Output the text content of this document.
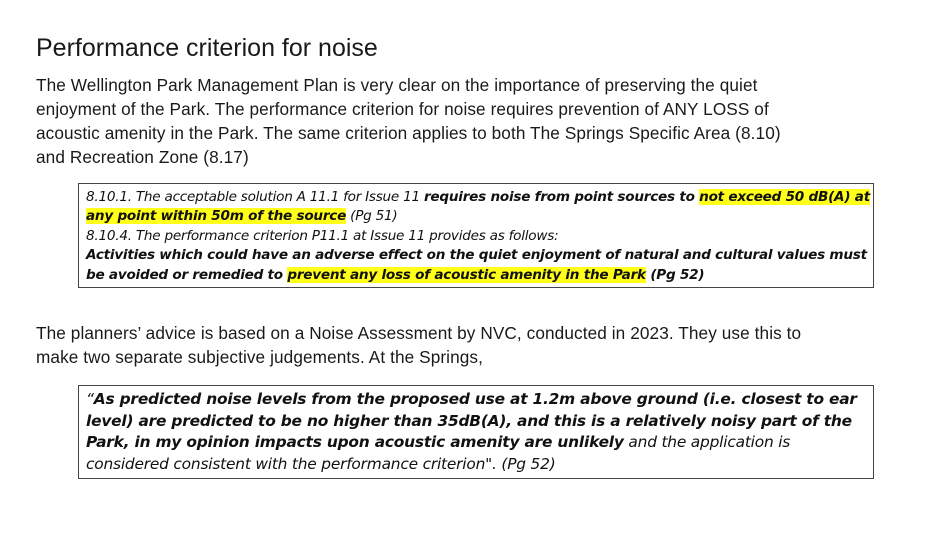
Performance criterion for noise
The Wellington Park Management Plan is very clear on the importance of preserving the quiet
enjoyment of the Park. The performance criterion for noise requires prevention of ANY LOSS of
acoustic amenity in the Park. The same criterion applies to both The Springs Specific Area (8.10)
and Recreation Zone (8.17)
8.10.1. The acceptable solution A 11.1 for Issue 11 requires noise from point sources to not exceed 50 dB(A) at
any point within 50m of the source (Pg 51)
8.10.4. The performance criterion P11.1 at Issue 11 provides as follows:
Activities which could have an adverse effect on the quiet enjoyment of natural and cultural values must
be avoided or remedied to prevent any loss of acoustic amenity in the Park (Pg 52)
The planners’ advice is based on a Noise Assessment by NVC, conducted in 2023. They use this to
make two separate subjective judgements. At the Springs,
“As predicted noise levels from the proposed use at 1.2m above ground (i.e. closest to ear
level) are predicted to be no higher than 35dB(A), and this is a relatively noisy part of the
Park, in my opinion impacts upon acoustic amenity are unlikely and the application is
considered consistent with the performance criterion". (Pg 52)
